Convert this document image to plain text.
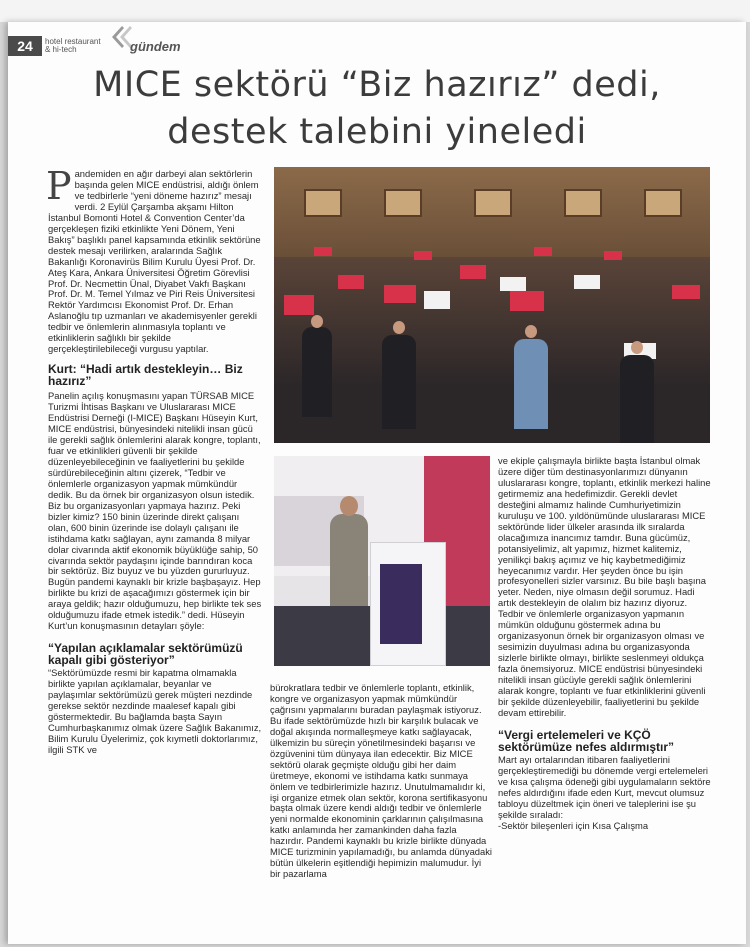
24	hotel restaurant
& hi-tech	gündem
MICE sektörü “Biz hazırız” dedi,
destek talebini yineledi

Pandemiden en ağır darbeyi alan sektörlerin başında gelen MICE endüstrisi, aldığı önlem ve tedbirlerle “yeni döneme hazırız” mesajı verdi. 2 Eylül Çarşamba akşamı Hilton İstanbul Bomonti Hotel & Convention Center’da gerçekleşen fiziki etkinlikte Yeni Dönem, Yeni Bakış” başlıklı panel kapsamında etkinlik sektörüne destek mesajı verilirken, aralarında Sağlık Bakanlığı Koronavirüs Bilim Kurulu Üyesi Prof. Dr. Ateş Kara, Ankara Üniversitesi Öğretim Görevlisi Prof. Dr. Necmettin Ünal, Diyabet Vakfı Başkanı Prof. Dr. M. Temel Yılmaz ve Piri Reis Üniversitesi Rektör Yardımcısı Ekonomist Prof. Dr. Erhan Aslanoğlu tıp uzmanları ve akademisyenler gerekli tedbir ve önlemlerin alınmasıyla toplantı ve etkinliklerin sağlıklı bir şekilde gerçekleştirilebileceği vurgusu yaptılar.

Kurt: “Hadi artık destekleyin… Biz hazırız”

Panelin açılış konuşmasını yapan TÜRSAB MICE Turizmi İhtisas Başkanı ve Uluslararası MICE Endüstrisi Derneği (I-MICE) Başkanı Hüseyin Kurt, MICE endüstrisi, bünyesindeki nitelikli insan gücü ile gerekli sağlık önlemlerini alarak kongre, toplantı, fuar ve etkinlikleri güvenli bir şekilde düzenleyebileceğinin ve faaliyetlerini bu şekilde sürdürebileceğinin altını çizerek, “Tedbir ve önlemlerle organizasyon yapmak mümkündür dedik. Bu da örnek bir organizasyon olsun istedik. Biz bu organizasyonları yapmaya hazırız. Peki bizler kimiz? 150 binin üzerinde direkt çalışanı olan, 600 binin üzerinde ise dolaylı çalışanı ile istihdama katkı sağlayan, aynı zamanda 8 milyar dolar civarında aktif ekonomik büyüklüğe sahip, 50 civarında sektör paydaşını içinde barındıran koca bir sektörüz. Biz buyuz ve bu yüzden gururluyuz. Bugün pandemi kaynaklı bir krizle başbaşayız. Hep birlikte bu krizi de aşacağımızı göstermek için bir araya geldik; hazır olduğumuzu, hep birlikte tek ses olduğumuzu ifade etmek istedik.” dedi. Hüseyin Kurt’un konuşmasının detayları şöyle:

“Yapılan açıklamalar sektörümüzü kapalı gibi gösteriyor”

“Sektörümüzde resmi bir kapatma olmamakla birlikte yapılan açıklamalar, beyanlar ve paylaşımlar sektörümüzü gerek müşteri nezdinde gerekse sektör nezdinde maalesef kapalı gibi göstermektedir. Bu bağlamda başta Sayın Cumhurbaşkanımız olmak üzere Sağlık Bakanımız, Bilim Kurulu Üyelerimiz, çok kıymetli doktorlarımız, ilgili STK ve

bürokratlara tedbir ve önlemlerle toplantı, etkinlik, kongre ve organizasyon yapmak mümkündür çağrısını yapmalarını buradan paylaşmak istiyoruz. Bu ifade sektörümüzde hızlı bir karşılık bulacak ve doğal akışında normalleşmeye katkı sağlayacak, ülkemizin bu süreçin yönetilmesindeki başarısı ve özgüvenini tüm dünyaya ilan edecektir. Biz MICE sektörü olarak geçmişte olduğu gibi her daim üretmeye, ekonomi ve istihdama katkı sunmaya önlem ve tedbirlerimizle hazırız. Unutulmamalıdır ki, işi organize etmek olan sektör, korona sertifikasyonu başta olmak üzere kendi aldığı tedbir ve önlemlerle yeni normalde ekonominin çarklarının çalışılmasına katkı anlamında her zamankinden daha fazla hazırdır. Pandemi kaynaklı bu krizle birlikte dünyada MICE turizminin yapılamadığı, bu anlamda dünyadaki bütün ülkelerin eşitlendiği hepimizin malumudur. İyi bir pazarlama

ve ekiple çalışmayla birlikte başta İstanbul olmak üzere diğer tüm destinasyonlarımızı dünyanın uluslararası kongre, toplantı, etkinlik merkezi haline getirmemiz ana hedefimizdir. Gerekli devlet desteğini almamız halinde Cumhuriyetimizin kuruluşu ve 100. yıldönümünde uluslararası MICE sektöründe lider ülkeler arasında ilk sıralarda olacağımıza inancımız tamdır. Buna gücümüz, potansiyelimiz, alt yapımız, hizmet kalitemiz, yenilikçi bakış açımız ve hiç kaybetmediğimiz heyecanımız vardır. Her şeyden önce bu işin profesyonelleri sizler varsınız. Bu bile başlı başına yeter. Neden, niye olmasın değil sorumuz. Hadi artık destekleyin de olalım biz hazırız diyoruz. Tedbir ve önlemlerle organizasyon yapmanın mümkün olduğunu göstermek adına bu organizasyonun örnek bir organizasyon olması ve sesimizin duyulması adına bu organizasyonda sizlerle birlikte olmayı, birlikte seslenmeyi oldukça fazla önemsiyoruz. MICE endüstrisi bünyesindeki nitelikli insan gücüyle gerekli sağlık önlemlerini alarak kongre, toplantı ve fuar etkinliklerini güvenli bir şekilde düzenleyebilir, faaliyetlerini bu şekilde devam ettirebilir.

“Vergi ertelemeleri ve KÇÖ sektörümüze nefes aldırmıştır”

Mart ayı ortalarından itibaren faaliyetlerini gerçekleştiremediği bu dönemde vergi ertelemeleri ve kısa çalışma ödeneği gibi uygulamaların sektöre nefes aldırdığını ifade eden Kurt, mevcut olumsuz tabloyu düzeltmek için öneri ve taleplerini ise şu şekilde sıraladı:

-Sektör bileşenleri için Kısa Çalışma
